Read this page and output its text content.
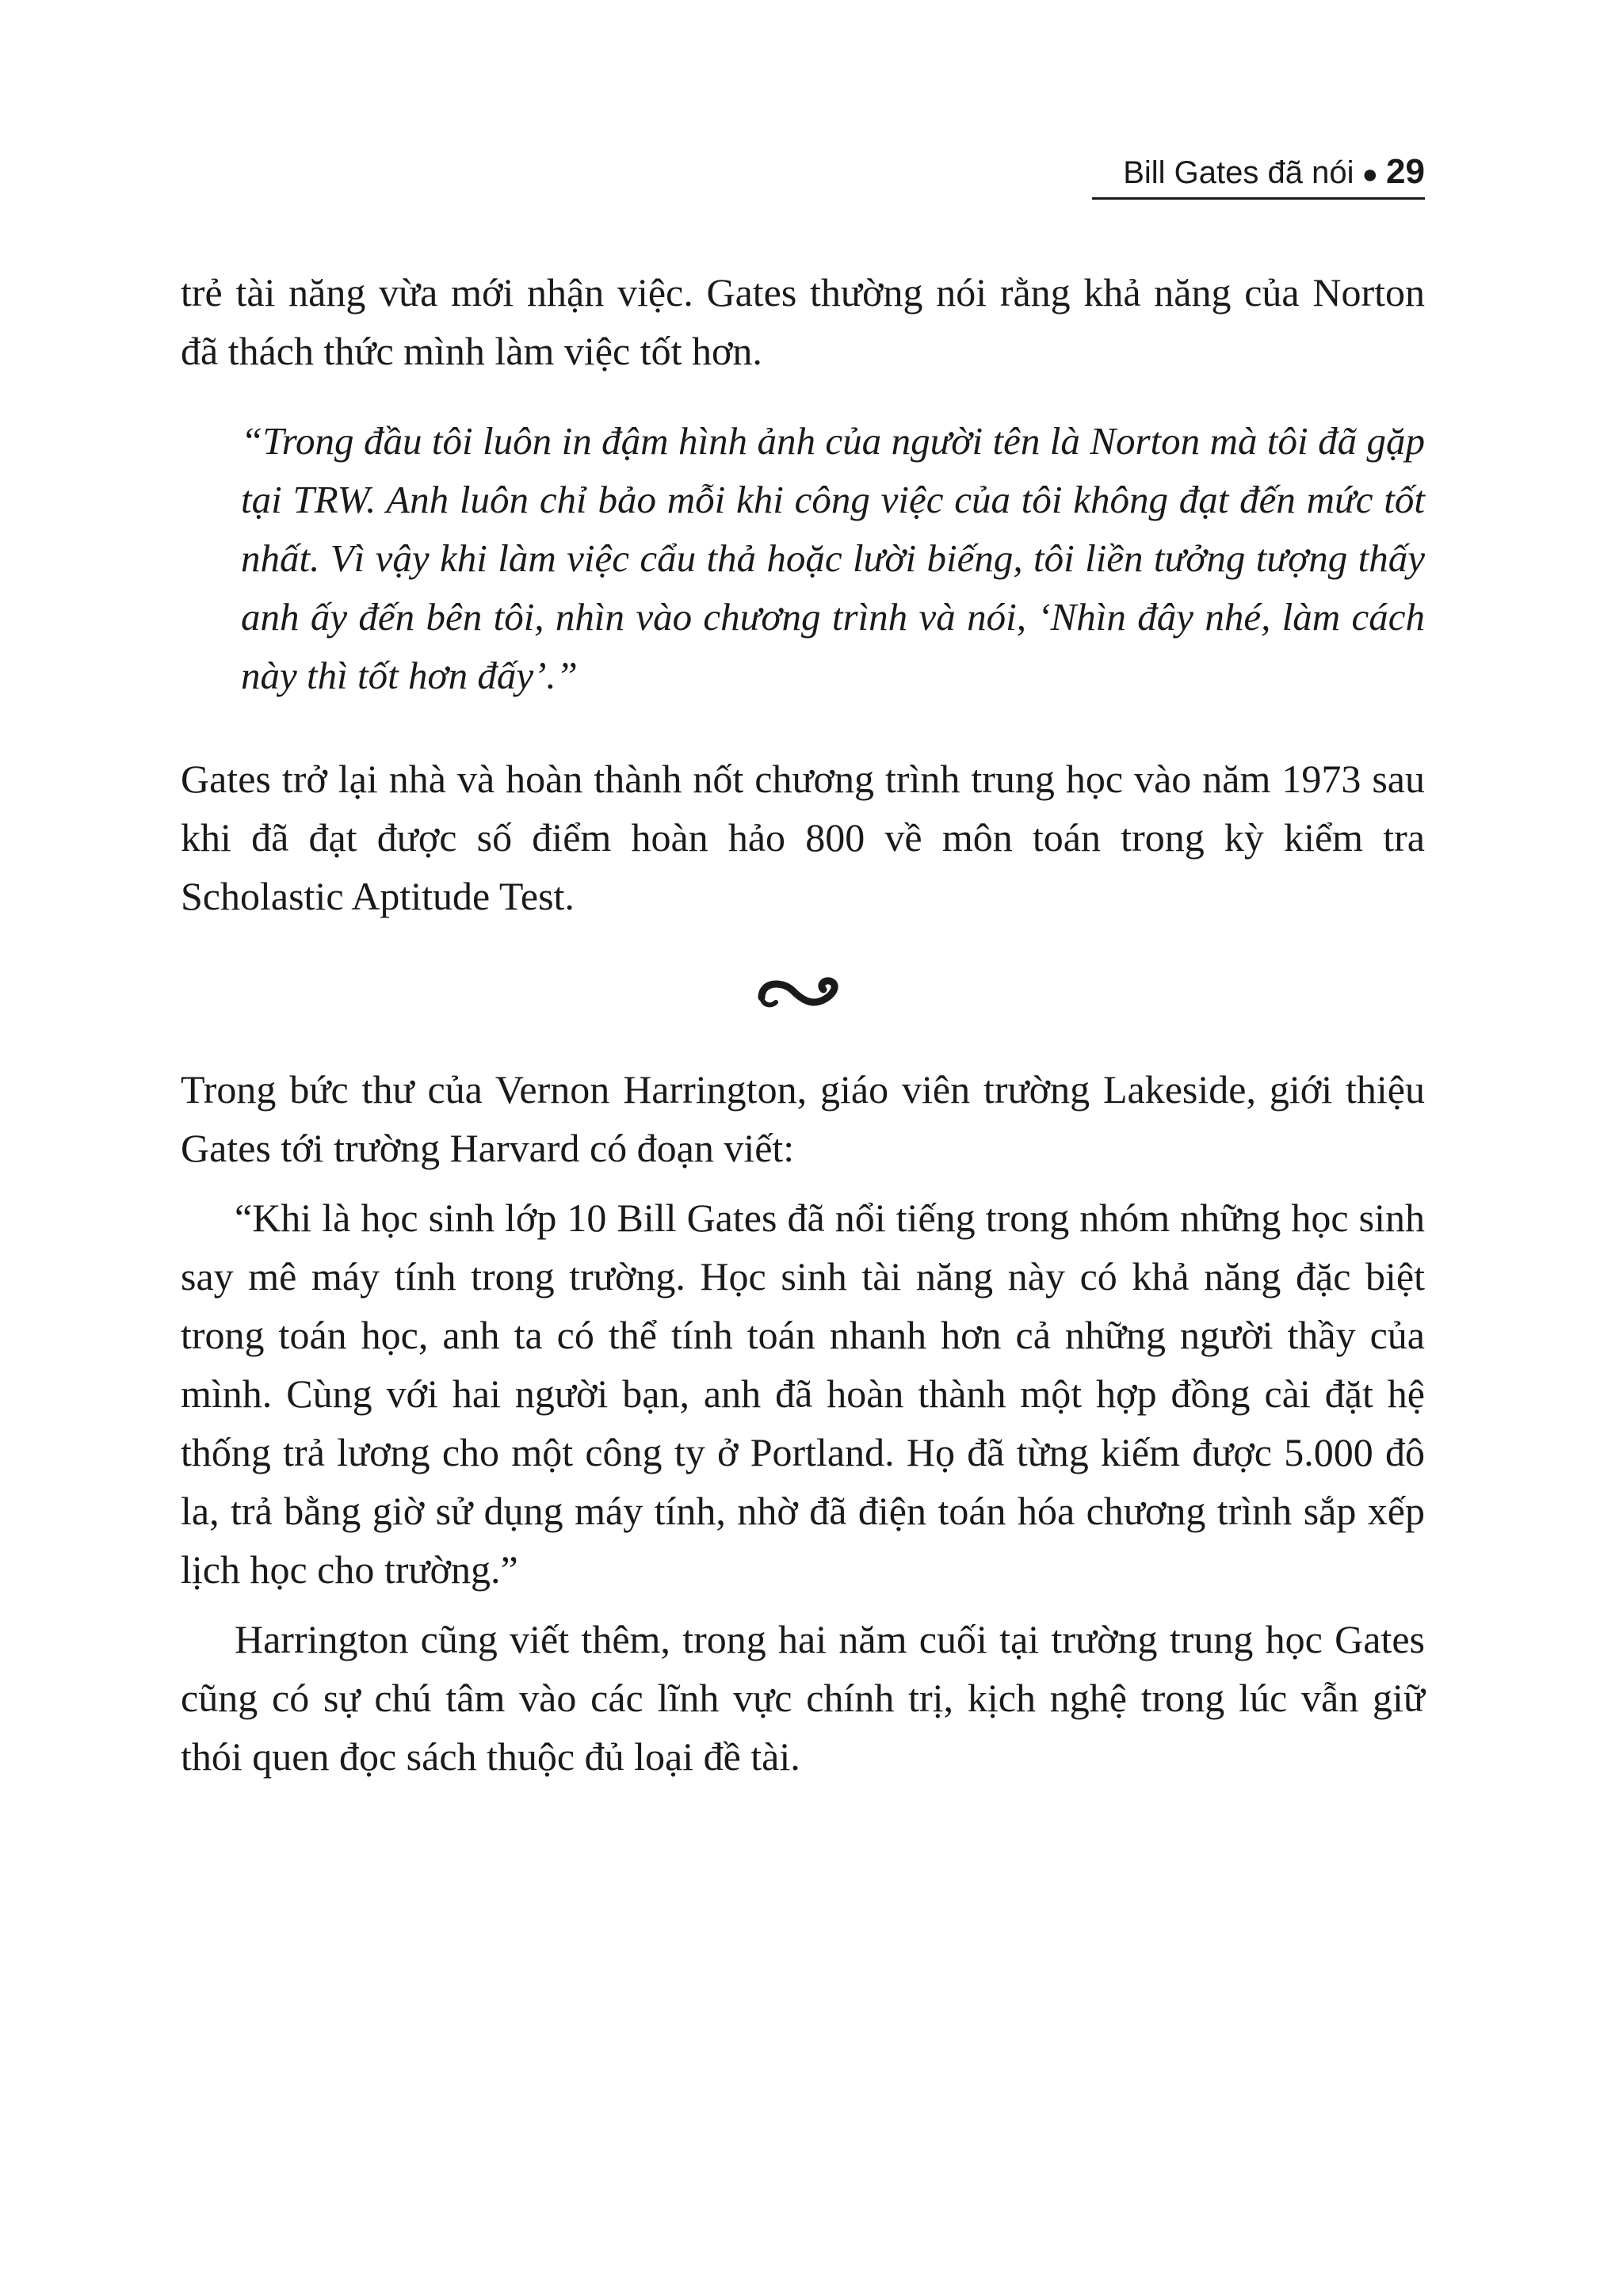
Bill Gates đã nói ● 29

trẻ tài năng vừa mới nhận việc. Gates thường nói rằng khả năng của Norton đã thách thức mình làm việc tốt hơn.

“Trong đầu tôi luôn in đậm hình ảnh của người tên là Norton mà tôi đã gặp tại TRW. Anh luôn chỉ bảo mỗi khi công việc của tôi không đạt đến mức tốt nhất. Vì vậy khi làm việc cẩu thả hoặc lười biếng, tôi liền tưởng tượng thấy anh ấy đến bên tôi, nhìn vào chương trình và nói, ‘Nhìn đây nhé, làm cách này thì tốt hơn đấy’.”

Gates trở lại nhà và hoàn thành nốt chương trình trung học vào năm 1973 sau khi đã đạt được số điểm hoàn hảo 800 về môn toán trong kỳ kiểm tra Scholastic Aptitude Test.

Trong bức thư của Vernon Harrington, giáo viên trường Lakeside, giới thiệu Gates tới trường Harvard có đoạn viết:

“Khi là học sinh lớp 10 Bill Gates đã nổi tiếng trong nhóm những học sinh say mê máy tính trong trường. Học sinh tài năng này có khả năng đặc biệt trong toán học, anh ta có thể tính toán nhanh hơn cả những người thầy của mình. Cùng với hai người bạn, anh đã hoàn thành một hợp đồng cài đặt hệ thống trả lương cho một công ty ở Portland. Họ đã từng kiếm được 5.000 đô la, trả bằng giờ sử dụng máy tính, nhờ đã điện toán hóa chương trình sắp xếp lịch học cho trường.”

Harrington cũng viết thêm, trong hai năm cuối tại trường trung học Gates cũng có sự chú tâm vào các lĩnh vực chính trị, kịch nghệ trong lúc vẫn giữ thói quen đọc sách thuộc đủ loại đề tài.
